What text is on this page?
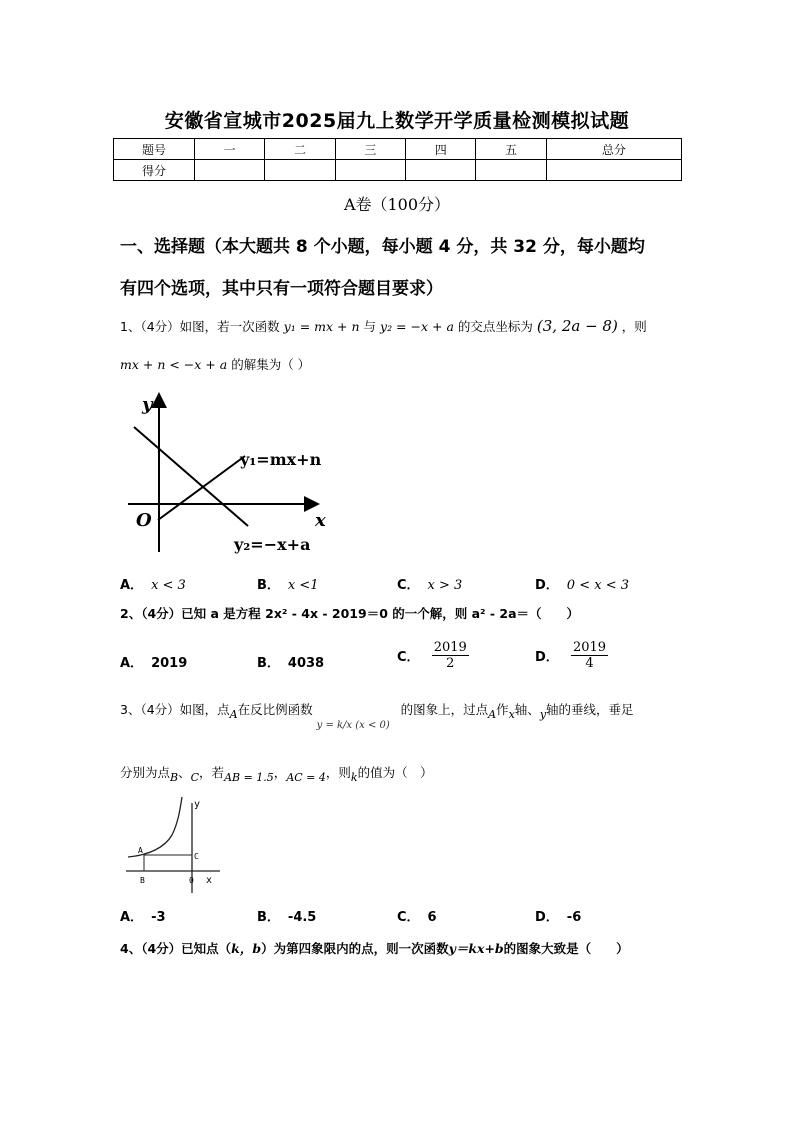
安徽省宣城市2025届九上数学开学质量检测模拟试题
题号	一	二	三	四	五	总分
得分						
A卷（100分）
一、选择题（本大题共 8 个小题，每小题 4 分，共 32 分，每小题均
有四个选项，其中只有一项符合题目要求）
1、（4分）如图，若一次函数 y₁ = mx + n 与 y₂ = −x + a 的交点坐标为 (3, 2a − 8) ，则
mx + n < −x + a 的解集为（ ）
y
x
O
y₁=mx+n
y₂=−x+a
A． x < 3	B． x <1	C． x > 3	D． 0 < x < 3
2、（4分）已知 a 是方程 2x² - 4x - 2019＝0 的一个解，则 a² - 2a＝（　　）
A． 2019	B． 4038	C． $\frac{2019}{2}$	D． $\frac{2019}{4}$
3、（4分）如图，点A在反比例函数 y = k/x (x < 0) 的图象上，过点A作x轴、y轴的垂线，垂足
分别为点B、C，若AB = 1.5，AC = 4，则k的值为（　）
A
B
C
0
y
x
A． -3	B． -4.5	C． 6	D． -6
4、（4分）已知点（k，b）为第四象限内的点，则一次函数y＝kx+b的图象大致是（　　）
